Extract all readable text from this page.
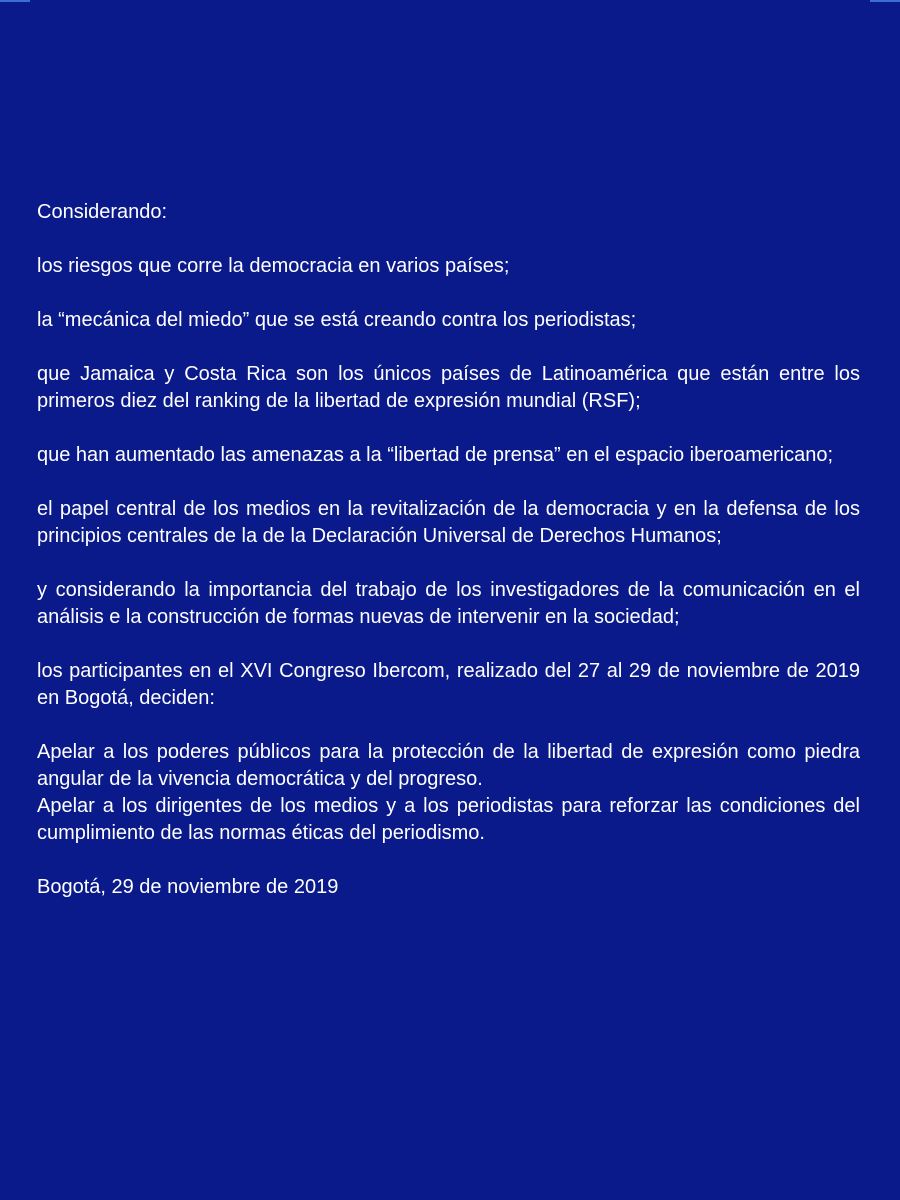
Considerando:

los riesgos que corre la democracia en varios países;

la “mecánica del miedo” que se está creando contra los periodistas;

que Jamaica y Costa Rica son los únicos países de Latinoamérica que están entre los primeros diez del ranking de la libertad de expresión mundial (RSF);

que han aumentado las amenazas a la “libertad de prensa” en el espacio iberoamericano;

el papel central de los medios en la revitalización de la democracia y en la defensa de los principios centrales de la de la Declaración Universal de Derechos Humanos;

y considerando la importancia del trabajo de los investigadores de la comunicación en el análisis e la construcción de formas nuevas de intervenir en la sociedad;

los participantes en el XVI Congreso Ibercom, realizado del 27 al 29 de noviembre de 2019 en Bogotá, deciden:

Apelar a los poderes públicos para la protección de la libertad de expresión como piedra angular de la vivencia democrática y del progreso.

Apelar a los dirigentes de los medios y a los periodistas para reforzar las condiciones del cumplimiento de las normas éticas del periodismo.

Bogotá, 29 de noviembre de 2019
